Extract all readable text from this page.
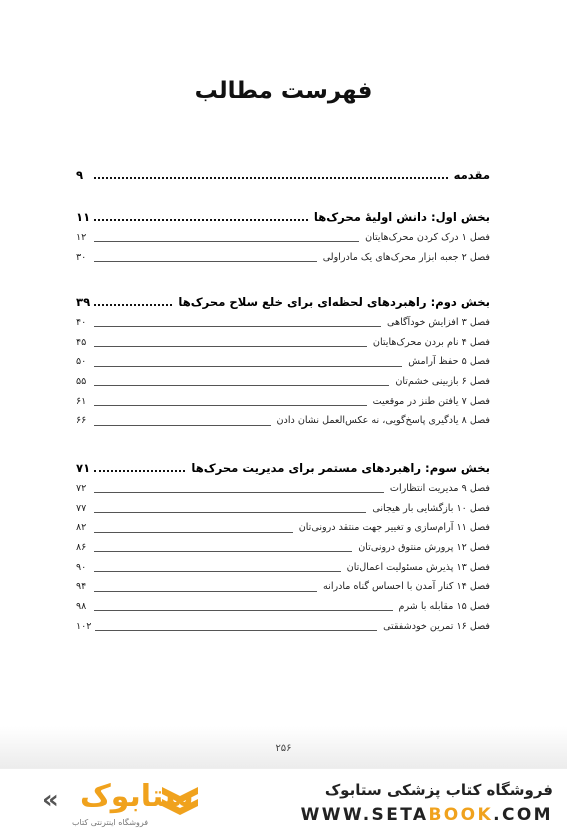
فهرست مطالب
مقدمه
۹
بخش اول: دانش اولیۀ محرک‌ها
۱۱
فصل ۱ درک کردن محرک‌هایتان
۱۲
فصل ۲ جعبه ابزار محرک‌های یک مادراولی
۳۰
بخش دوم: راهبردهای لحظه‌ای برای خلع سلاح محرک‌ها
۳۹
فصل ۳ افزایش خودآگاهی
۴۰
فصل ۴ نام بردن محرک‌هایتان
۴۵
فصل ۵ حفظ آرامش
۵۰
فصل ۶ بازبینی خشم‌تان
۵۵
فصل ۷ یافتن طنز در موقعیت
۶۱
فصل ۸ یادگیری پاسخ‌گویی، نه عکس‌العمل نشان دادن
۶۶
بخش سوم: راهبردهای مستمر برای مدیریت محرک‌ها
۷۱
فصل ۹ مدیریت انتظارات
۷۲
فصل ۱۰ بازگشایی بار هیجانی
۷۷
فصل ۱۱ آرام‌سازی و تغییر جهت منتقد درونی‌تان
۸۲
فصل ۱۲ پرورش منتوق درونی‌تان
۸۶
فصل ۱۳ پذیرش مسئولیت اعمال‌تان
۹۰
فصل ۱۴ کنار آمدن با احساس گناه مادرانه
۹۴
فصل ۱۵ مقابله با شرم
۹۸
فصل ۱۶ تمرین خودشفقتی
۱۰۲
۲۵۶
فروشگاه کتاب پزشکی ستابوک
WWW.SETABOOK.COM
« ستابوک
فروشگاه اینترنتی کتاب
